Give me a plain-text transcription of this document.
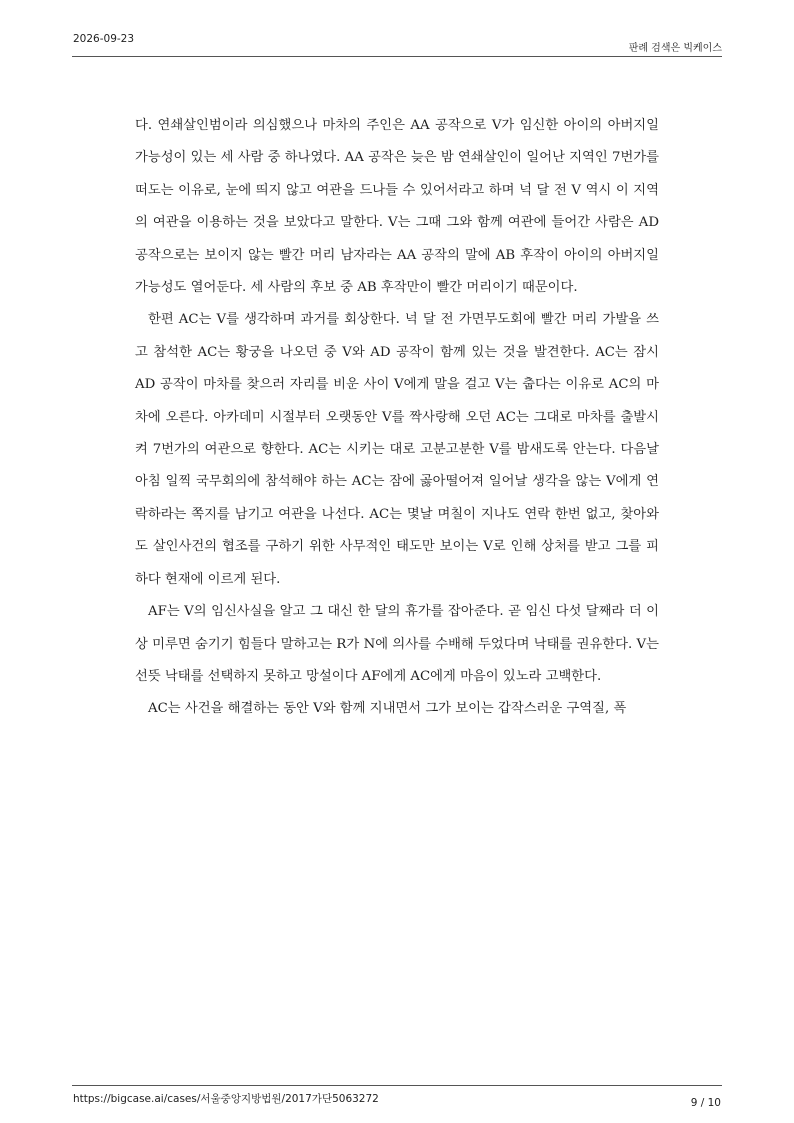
2026-09-23
판례 검색은 빅케이스

다. 연쇄살인범이라 의심했으나 마차의 주인은 AA 공작으로 V가 임신한 아이의 아버지일 가능성이 있는 세 사람 중 하나였다. AA 공작은 늦은 밤 연쇄살인이 일어난 지역인 7번가를 떠도는 이유로, 눈에 띄지 않고 여관을 드나들 수 있어서라고 하며 넉 달 전 V 역시 이 지역의 여관을 이용하는 것을 보았다고 말한다. V는 그때 그와 함께 여관에 들어간 사람은 AD 공작으로는 보이지 않는 빨간 머리 남자라는 AA 공작의 말에 AB 후작이 아이의 아버지일 가능성도 열어둔다. 세 사람의 후보 중 AB 후작만이 빨간 머리이기 때문이다.

한편 AC는 V를 생각하며 과거를 회상한다. 넉 달 전 가면무도회에 빨간 머리 가발을 쓰고 참석한 AC는 황궁을 나오던 중 V와 AD 공작이 함께 있는 것을 발견한다. AC는 잠시 AD 공작이 마차를 찾으러 자리를 비운 사이 V에게 말을 걸고 V는 춥다는 이유로 AC의 마차에 오른다. 아카데미 시절부터 오랫동안 V를 짝사랑해 오던 AC는 그대로 마차를 출발시켜 7번가의 여관으로 향한다. AC는 시키는 대로 고분고분한 V를 밤새도록 안는다. 다음날 아침 일찍 국무회의에 참석해야 하는 AC는 잠에 곯아떨어져 일어날 생각을 않는 V에게 연락하라는 쪽지를 남기고 여관을 나선다. AC는 몇날 며칠이 지나도 연락 한번 없고, 찾아와도 살인사건의 협조를 구하기 위한 사무적인 태도만 보이는 V로 인해 상처를 받고 그를 피하다 현재에 이르게 된다.

AF는 V의 임신사실을 알고 그 대신 한 달의 휴가를 잡아준다. 곧 임신 다섯 달째라 더 이상 미루면 숨기기 힘들다 말하고는 R가 N에 의사를 수배해 두었다며 낙태를 권유한다. V는 선뜻 낙태를 선택하지 못하고 망설이다 AF에게 AC에게 마음이 있노라 고백한다.

AC는 사건을 해결하는 동안 V와 함께 지내면서 그가 보이는 갑작스러운 구역질, 폭

https://bigcase.ai/cases/서울중앙지방법원/2017가단5063272	9 / 10
